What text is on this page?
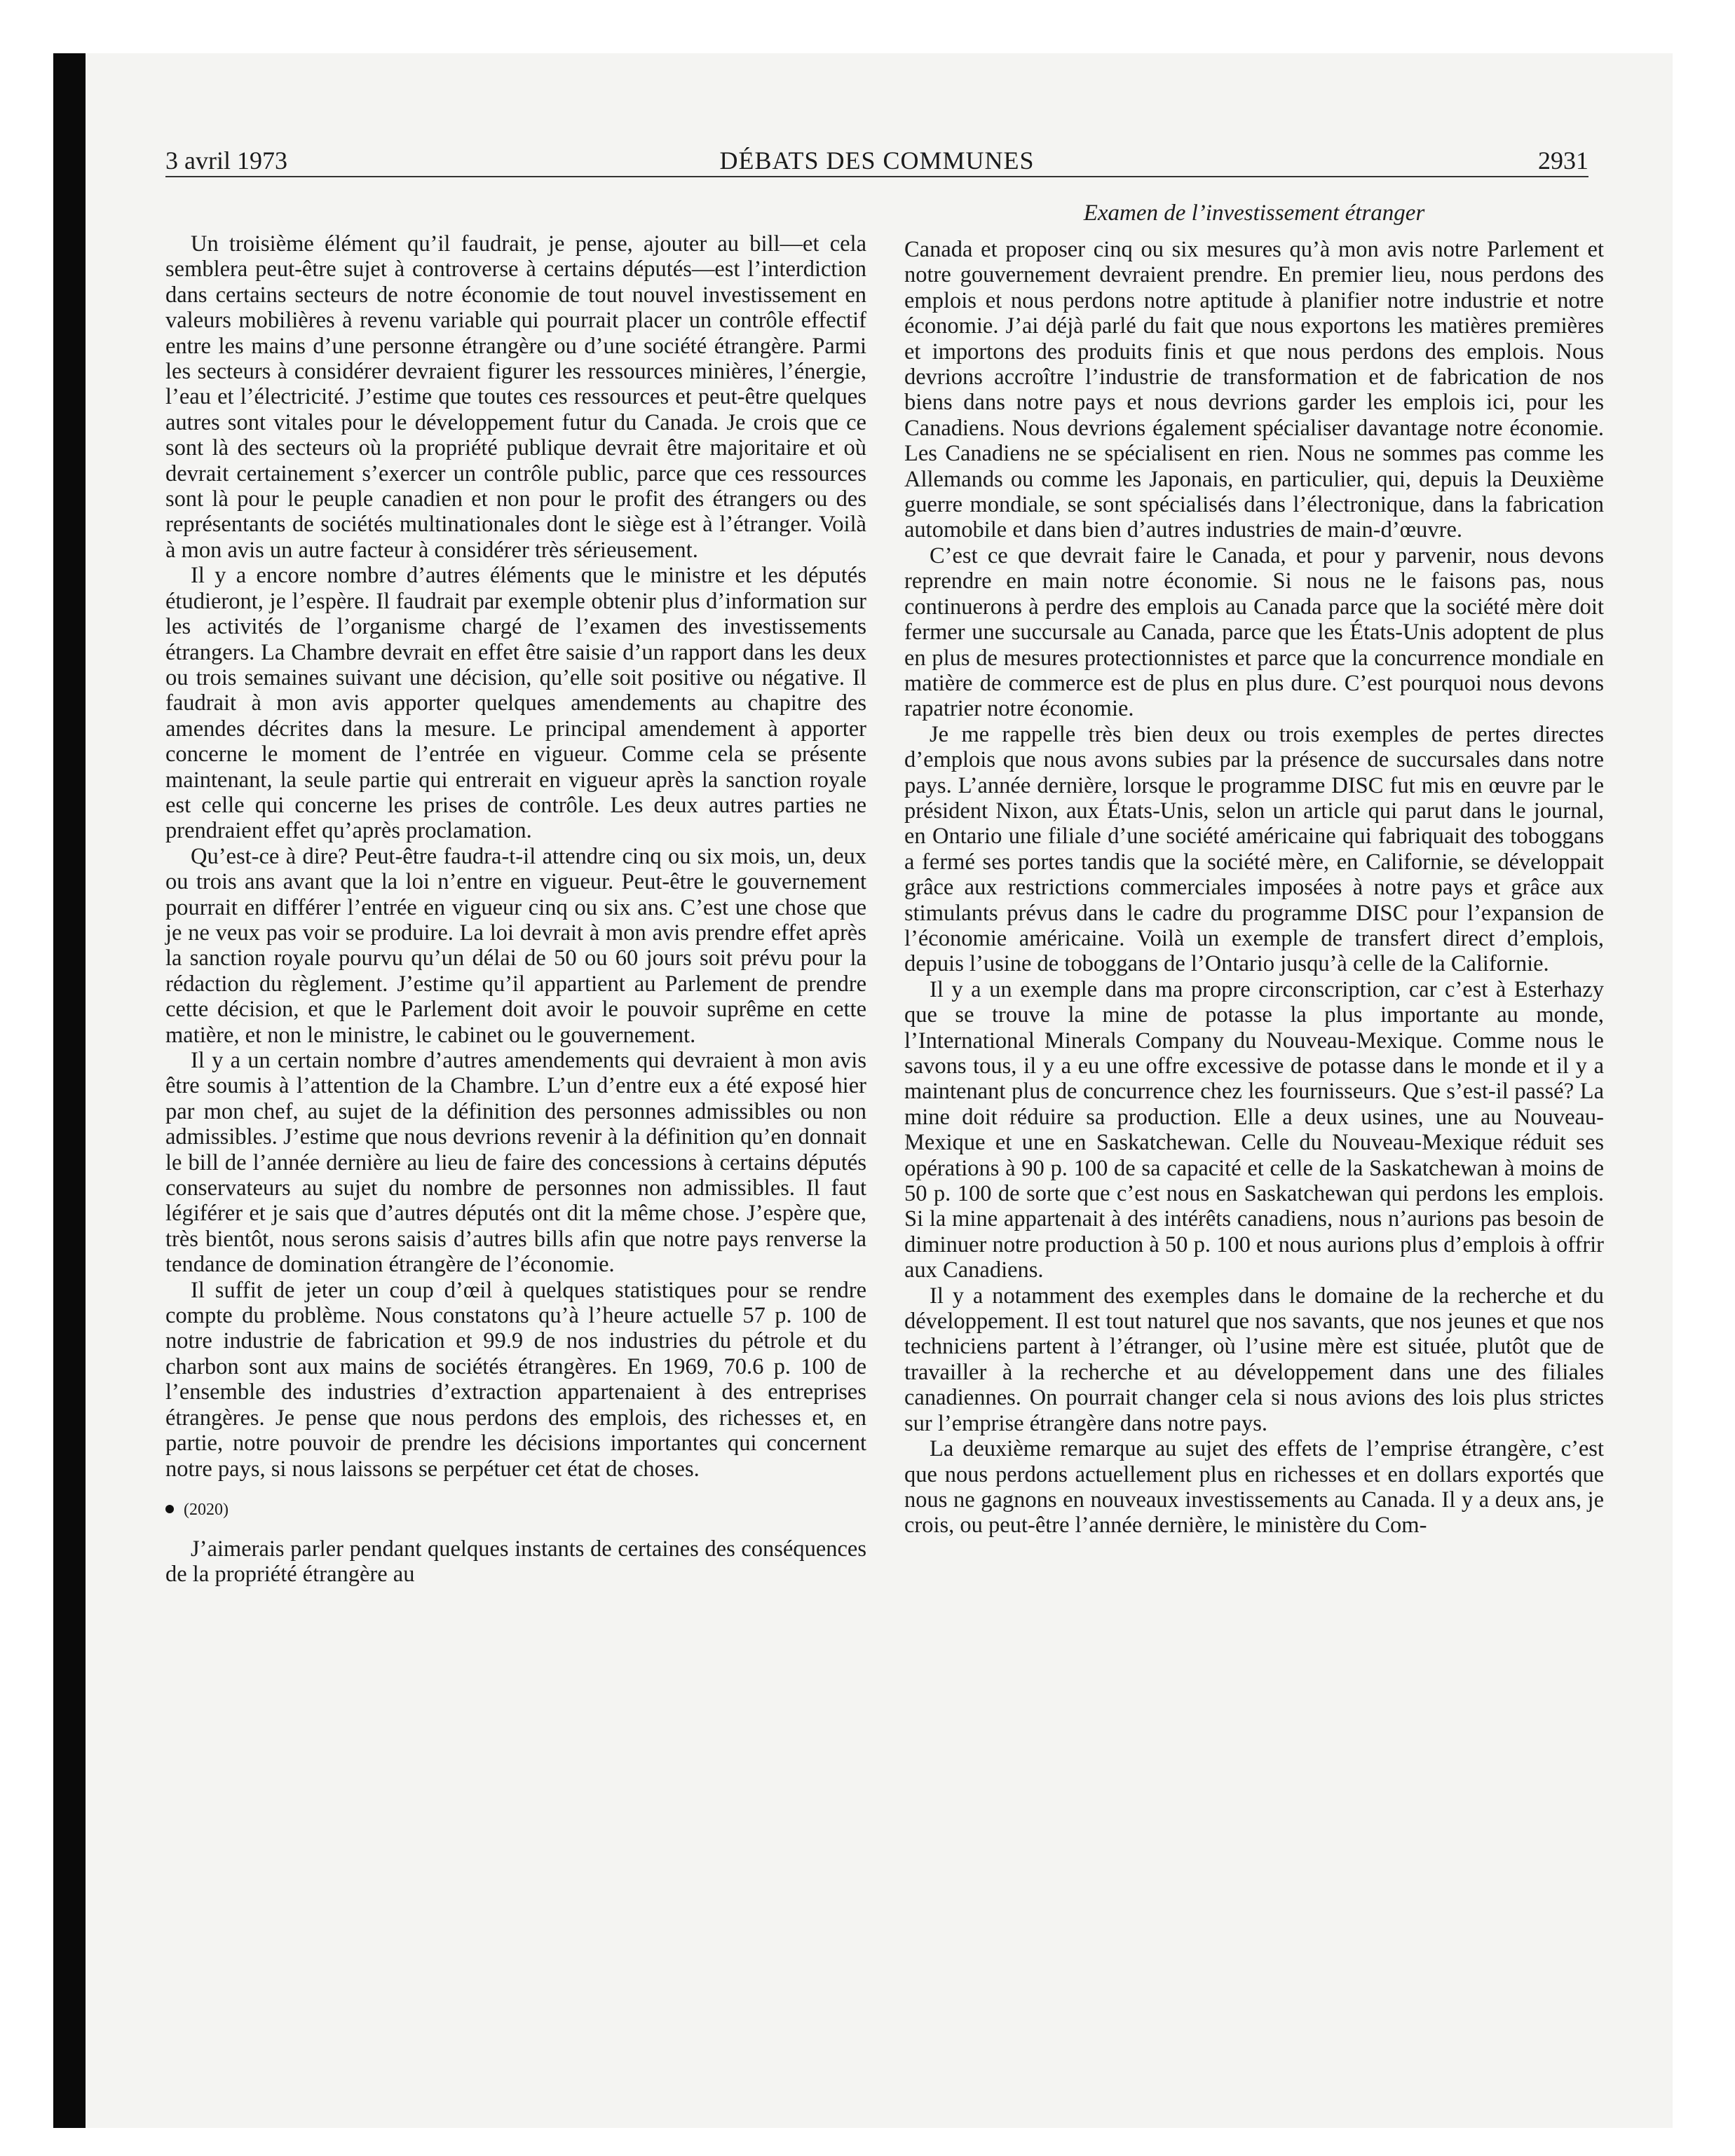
3 avril 1973	DÉBATS DES COMMUNES	2931

Un troisième élément qu’il faudrait, je pense, ajouter au bill—et cela semblera peut-être sujet à controverse à certains députés—est l’interdiction dans certains secteurs de notre économie de tout nouvel investissement en valeurs mobilières à revenu variable qui pourrait placer un contrôle effectif entre les mains d’une personne étrangère ou d’une société étrangère. Parmi les secteurs à considérer devraient figurer les ressources minières, l’énergie, l’eau et l’électricité. J’estime que toutes ces ressources et peut-être quelques autres sont vitales pour le développement futur du Canada. Je crois que ce sont là des secteurs où la propriété publique devrait être majoritaire et où devrait certainement s’exercer un contrôle public, parce que ces ressources sont là pour le peuple canadien et non pour le profit des étrangers ou des représentants de sociétés multinationales dont le siège est à l’étranger. Voilà à mon avis un autre facteur à considérer très sérieusement.

Il y a encore nombre d’autres éléments que le ministre et les députés étudieront, je l’espère. Il faudrait par exemple obtenir plus d’information sur les activités de l’organisme chargé de l’examen des investissements étrangers. La Chambre devrait en effet être saisie d’un rapport dans les deux ou trois semaines suivant une décision, qu’elle soit positive ou négative. Il faudrait à mon avis apporter quelques amendements au chapitre des amendes décrites dans la mesure. Le principal amendement à apporter concerne le moment de l’entrée en vigueur. Comme cela se présente maintenant, la seule partie qui entrerait en vigueur après la sanction royale est celle qui concerne les prises de contrôle. Les deux autres parties ne prendraient effet qu’après proclamation.

Qu’est-ce à dire? Peut-être faudra-t-il attendre cinq ou six mois, un, deux ou trois ans avant que la loi n’entre en vigueur. Peut-être le gouvernement pourrait en différer l’entrée en vigueur cinq ou six ans. C’est une chose que je ne veux pas voir se produire. La loi devrait à mon avis prendre effet après la sanction royale pourvu qu’un délai de 50 ou 60 jours soit prévu pour la rédaction du règlement. J’estime qu’il appartient au Parlement de prendre cette décision, et que le Parlement doit avoir le pouvoir suprême en cette matière, et non le ministre, le cabinet ou le gouvernement.

Il y a un certain nombre d’autres amendements qui devraient à mon avis être soumis à l’attention de la Chambre. L’un d’entre eux a été exposé hier par mon chef, au sujet de la définition des personnes admissibles ou non admissibles. J’estime que nous devrions revenir à la définition qu’en donnait le bill de l’année dernière au lieu de faire des concessions à certains députés conservateurs au sujet du nombre de personnes non admissibles. Il faut légiférer et je sais que d’autres députés ont dit la même chose. J’espère que, très bientôt, nous serons saisis d’autres bills afin que notre pays renverse la tendance de domination étrangère de l’économie.

Il suffit de jeter un coup d’œil à quelques statistiques pour se rendre compte du problème. Nous constatons qu’à l’heure actuelle 57 p. 100 de notre industrie de fabrication et 99.9 de nos industries du pétrole et du charbon sont aux mains de sociétés étrangères. En 1969, 70.6 p. 100 de l’ensemble des industries d’extraction appartenaient à des entreprises étrangères. Je pense que nous perdons des emplois, des richesses et, en partie, notre pouvoir de prendre les décisions importantes qui concernent notre pays, si nous laissons se perpétuer cet état de choses.

(2020)

J’aimerais parler pendant quelques instants de certaines des conséquences de la propriété étrangère au

Examen de l’investissement étranger

Canada et proposer cinq ou six mesures qu’à mon avis notre Parlement et notre gouvernement devraient prendre. En premier lieu, nous perdons des emplois et nous perdons notre aptitude à planifier notre industrie et notre économie. J’ai déjà parlé du fait que nous exportons les matières premières et importons des produits finis et que nous perdons des emplois. Nous devrions accroître l’industrie de transformation et de fabrication de nos biens dans notre pays et nous devrions garder les emplois ici, pour les Canadiens. Nous devrions également spécialiser davantage notre économie. Les Canadiens ne se spécialisent en rien. Nous ne sommes pas comme les Allemands ou comme les Japonais, en particulier, qui, depuis la Deuxième guerre mondiale, se sont spécialisés dans l’électronique, dans la fabrication automobile et dans bien d’autres industries de main-d’œuvre.

C’est ce que devrait faire le Canada, et pour y parvenir, nous devons reprendre en main notre économie. Si nous ne le faisons pas, nous continuerons à perdre des emplois au Canada parce que la société mère doit fermer une succursale au Canada, parce que les États-Unis adoptent de plus en plus de mesures protectionnistes et parce que la concurrence mondiale en matière de commerce est de plus en plus dure. C’est pourquoi nous devons rapatrier notre économie.

Je me rappelle très bien deux ou trois exemples de pertes directes d’emplois que nous avons subies par la présence de succursales dans notre pays. L’année dernière, lorsque le programme DISC fut mis en œuvre par le président Nixon, aux États-Unis, selon un article qui parut dans le journal, en Ontario une filiale d’une société américaine qui fabriquait des toboggans a fermé ses portes tandis que la société mère, en Californie, se développait grâce aux restrictions commerciales imposées à notre pays et grâce aux stimulants prévus dans le cadre du programme DISC pour l’expansion de l’économie américaine. Voilà un exemple de transfert direct d’emplois, depuis l’usine de toboggans de l’Ontario jusqu’à celle de la Californie.

Il y a un exemple dans ma propre circonscription, car c’est à Esterhazy que se trouve la mine de potasse la plus importante au monde, l’International Minerals Company du Nouveau-Mexique. Comme nous le savons tous, il y a eu une offre excessive de potasse dans le monde et il y a maintenant plus de concurrence chez les fournisseurs. Que s’est-il passé? La mine doit réduire sa production. Elle a deux usines, une au Nouveau-Mexique et une en Saskatchewan. Celle du Nouveau-Mexique réduit ses opérations à 90 p. 100 de sa capacité et celle de la Saskatchewan à moins de 50 p. 100 de sorte que c’est nous en Saskatchewan qui perdons les emplois. Si la mine appartenait à des intérêts canadiens, nous n’aurions pas besoin de diminuer notre production à 50 p. 100 et nous aurions plus d’emplois à offrir aux Canadiens.

Il y a notamment des exemples dans le domaine de la recherche et du développement. Il est tout naturel que nos savants, que nos jeunes et que nos techniciens partent à l’étranger, où l’usine mère est située, plutôt que de travailler à la recherche et au développement dans une des filiales canadiennes. On pourrait changer cela si nous avions des lois plus strictes sur l’emprise étrangère dans notre pays.

La deuxième remarque au sujet des effets de l’emprise étrangère, c’est que nous perdons actuellement plus en richesses et en dollars exportés que nous ne gagnons en nouveaux investissements au Canada. Il y a deux ans, je crois, ou peut-être l’année dernière, le ministère du Com-
